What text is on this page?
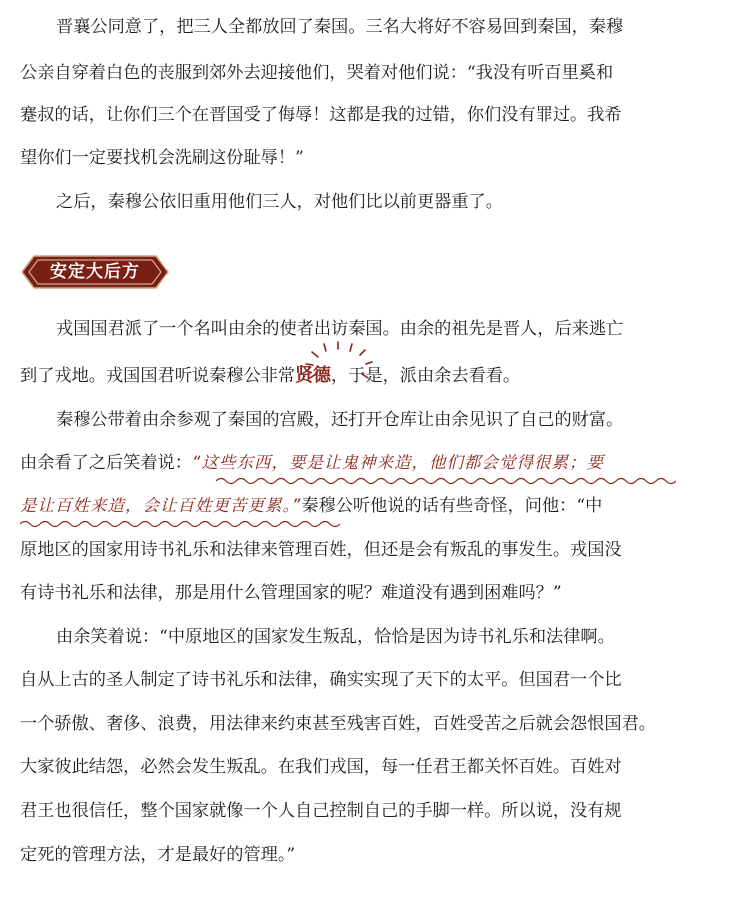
晋襄公同意了，把三人全都放回了秦国。三名大将好不容易回到秦国，秦穆
公亲自穿着白色的丧服到郊外去迎接他们，哭着对他们说：“我没有听百里奚和
蹇叔的话，让你们三个在晋国受了侮辱！这都是我的过错，你们没有罪过。我希
望你们一定要找机会洗刷这份耻辱！”
之后，秦穆公依旧重用他们三人，对他们比以前更器重了。
安定大后方
戎国国君派了一个名叫由余的使者出访秦国。由余的祖先是晋人，后来逃亡
到了戎地。戎国国君听说秦穆公非常贤德，于是，派由余去看看。
秦穆公带着由余参观了秦国的宫殿，还打开仓库让由余见识了自己的财富。
由余看了之后笑着说：“这些东西，要是让鬼神来造，他们都会觉得很累；要
是让百姓来造，会让百姓更苦更累。”秦穆公听他说的话有些奇怪，问他：“中
原地区的国家用诗书礼乐和法律来管理百姓，但还是会有叛乱的事发生。戎国没
有诗书礼乐和法律，那是用什么管理国家的呢？难道没有遇到困难吗？”
由余笑着说：“中原地区的国家发生叛乱，恰恰是因为诗书礼乐和法律啊。
自从上古的圣人制定了诗书礼乐和法律，确实实现了天下的太平。但国君一个比
一个骄傲、奢侈、浪费，用法律来约束甚至残害百姓，百姓受苦之后就会怨恨国君。
大家彼此结怨，必然会发生叛乱。在我们戎国，每一任君王都关怀百姓。百姓对
君王也很信任，整个国家就像一个人自己控制自己的手脚一样。所以说，没有规
定死的管理方法，才是最好的管理。”
